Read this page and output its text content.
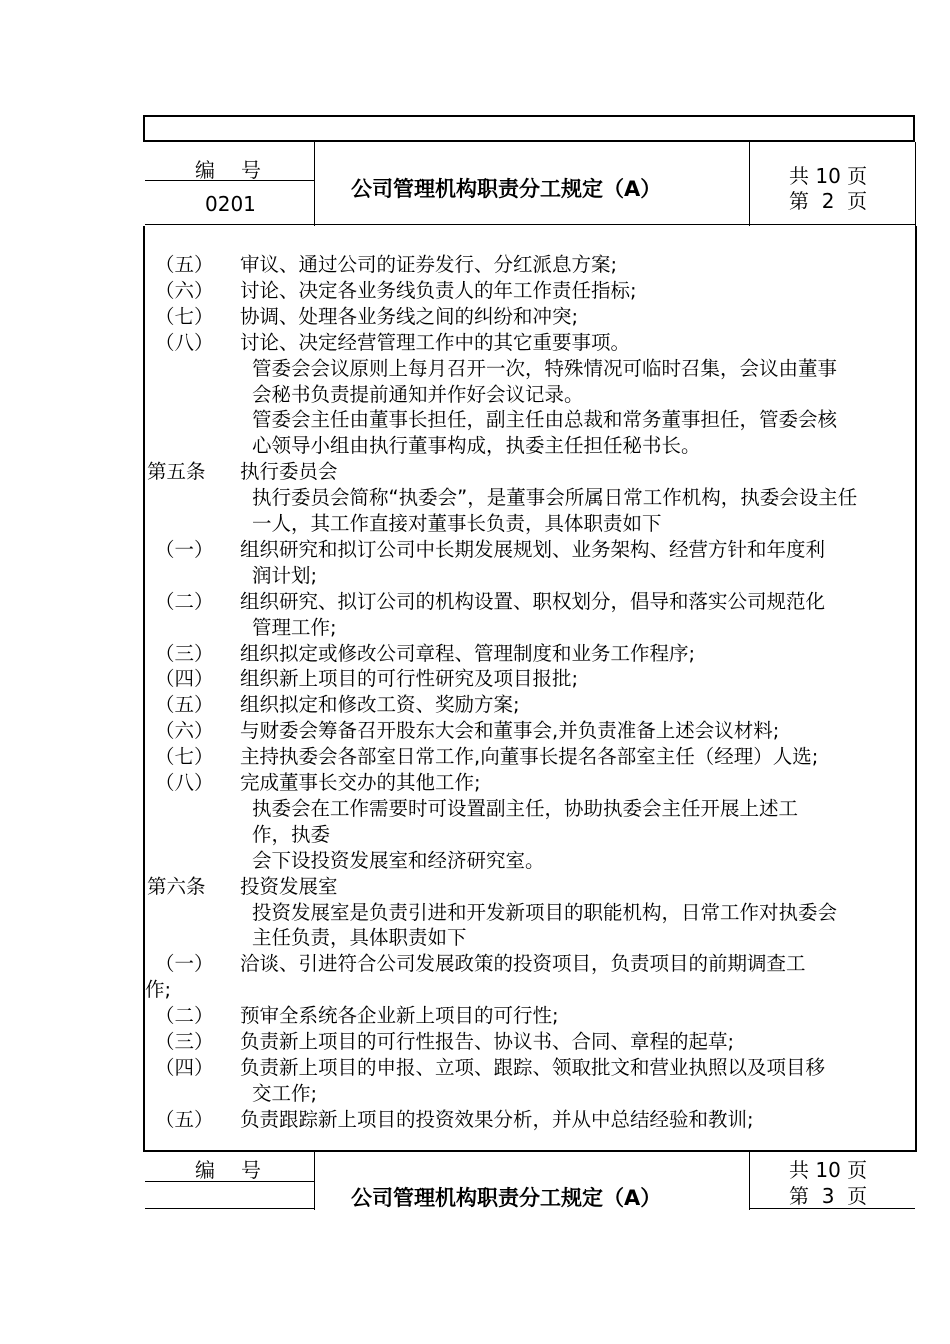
编号
0201
公司管理机构职责分工规定（A）
共 10 页
第  2  页
（五） 审议、通过公司的证券发行、分红派息方案;
（六） 讨论、决定各业务线负责人的年工作责任指标;
（七） 协调、处理各业务线之间的纠纷和冲突;
（八） 讨论、决定经营管理工作中的其它重要事项。
管委会会议原则上每月召开一次，特殊情况可临时召集，会议由董事
会秘书负责提前通知并作好会议记录。
管委会主任由董事长担任，副主任由总裁和常务董事担任，管委会核
心领导小组由执行董事构成，执委主任担任秘书长。
第五条 执行委员会
执行委员会简称“执委会”，是董事会所属日常工作机构，执委会设主任
一人，其工作直接对董事长负责，具体职责如下
（一） 组织研究和拟订公司中长期发展规划、业务架构、经营方针和年度利
润计划;
（二） 组织研究、拟订公司的机构设置、职权划分，倡导和落实公司规范化
管理工作;
（三） 组织拟定或修改公司章程、管理制度和业务工作程序;
（四） 组织新上项目的可行性研究及项目报批;
（五） 组织拟定和修改工资、奖励方案;
（六） 与财委会筹备召开股东大会和董事会,并负责准备上述会议材料;
（七） 主持执委会各部室日常工作,向董事长提名各部室主任（经理）人选;
（八） 完成董事长交办的其他工作;
执委会在工作需要时可设置副主任，协助执委会主任开展上述工
作，执委
会下设投资发展室和经济研究室。
第六条 投资发展室
投资发展室是负责引进和开发新项目的职能机构，日常工作对执委会
主任负责，具体职责如下
（一） 洽谈、引进符合公司发展政策的投资项目，负责项目的前期调查工
作;
（二） 预审全系统各企业新上项目的可行性;
（三） 负责新上项目的可行性报告、协议书、合同、章程的起草;
（四） 负责新上项目的申报、立项、跟踪、领取批文和营业执照以及项目移
交工作;
（五） 负责跟踪新上项目的投资效果分析，并从中总结经验和教训;
编号
公司管理机构职责分工规定（A）
共 10 页
第  3  页
